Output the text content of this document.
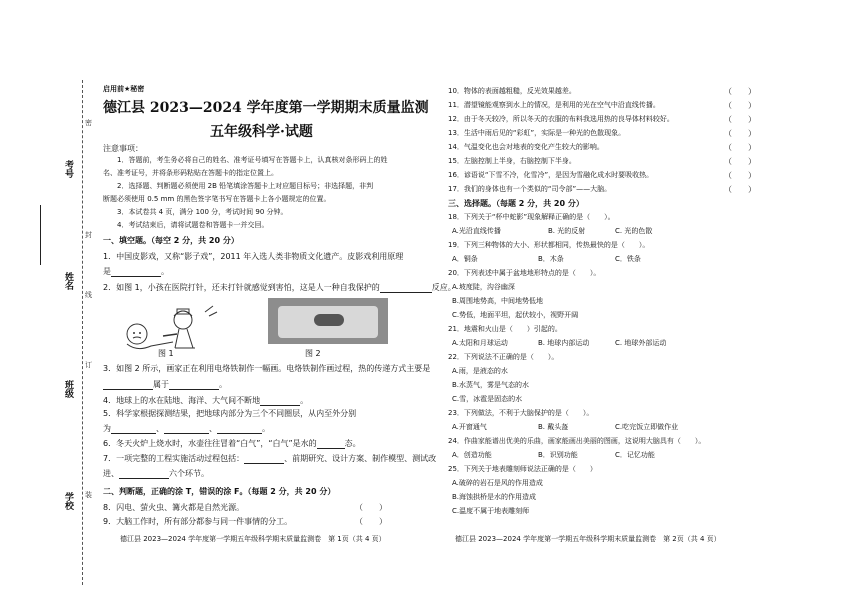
考号
姓名
班级
学校
密
封
线
订
装
启用前★秘密
德江县 2023—2024 学年度第一学期期末质量监测
五年级科学·试题
注意事项：
1．答题前，考生务必将自己的姓名、准考证号填写在答题卡上，认真核对条形码上的姓
名、准考证号，并将条形码粘贴在答题卡的指定位置上。
2．选择题、判断题必须使用 2B 铅笔填涂答题卡上对应题目标号；非选择题，非判
断题必须使用 0.5 mm 的黑色签字笔书写在答题卡上各小题规定的位置。
3．本试卷共 4 页，满分 100 分，考试时间 90 分钟。
4．考试结束后，请将试题卷和答题卡一并交回。
一、填空题。（每空 2 分，共 20 分）
1．中国皮影戏，又称“影子戏”，2011 年入选人类非物质文化遗产。皮影戏利用原理
是	。
2．如图 1，小孩在医院打针，还未打针就感觉到害怕，这是人一种自我保护的	反应。
图 1	图 2
3．如图 2 所示，画家正在利用电烙铁制作一幅画。电烙铁制作画过程，热的传递方式主要是
属于	。
4．地球上的水在陆地、海洋、大气间不断地	。
5．科学家根据探测结果，把地球内部分为三个不同圈层，从内至外分别
为	、	、	。
6．冬天火炉上烧水时，水壶往往冒着“白气”，“白气”是水的	态。
7．一项完整的工程实施活动过程包括：	、前期研究、设计方案、制作模型、测试改
进、	六个环节。
二、判断题，正确的涂 T，错误的涂 F。（每题 2 分，共 20 分）
8．闪电、萤火虫、篝火都是自然光源。	（　　）
9．大脑工作时，所有部分都参与同一件事情的分工。	（　　）
德江县 2023—2024 学年度第一学期五年级科学期末质量监测卷　第 1页（共 4 页）
10．物体的表面越粗糙，反光效果越差。	（　　）
11．潜望镜能观察到水上的情况，是利用的光在空气中沿直线传播。	（　　）
12．由于冬天较冷，所以冬天的衣服的布料我选用热的良导体材料较好。	（　　）
13．生活中雨后见的“彩虹”，实际是一种光的色散现象。	（　　）
14．气温变化也会对地表的变化产生较大的影响。	（　　）
15．左脑控制上半身，右脑控制下半身。	（　　）
16．谚语说“下雪不冷，化雪冷”，是因为雪融化成水时要吸收热。	（　　）
17．我们的身体也有一个类似的“司令部”——大脑。	（　　）
三、选择题。（每题 2 分，共 20 分）
18．下列关于“杯中蛇影”现象解释正确的是（　　）。
A.光沿直线传播	B. 光的反射	C. 光的色散
19．下列三种物体的大小、形状都相同，传热最快的是（　　）。
A．铜条	B．木条	C．铁条
20．下列表述中属于盆地地形特点的是（　　）。
A.坡度陡，沟谷幽深
B.周围地势高，中间地势低地
C.势低，地面平坦，起伏较小，视野开阔
21．地震和火山是（　　）引起的。
A.太阳和月球运动	B. 地球内部运动	C. 地球外部运动
22．下列说法不正确的是（　　）。
A.雨，是液态的水
B.水蒸气，雾是气态的水
C.雪，冰雹是固态的水
23．下列做法，不利于大脑保护的是（　　）。
A.开窗通气	B. 戴头盔	C.吃完饭立即做作业
24．作曲家能谱出优美的乐曲，画家能画出美丽的图画，这说明大脑具有（　　）。
A．创造功能	B．识别功能	C．记忆功能
25．下列关于地表雕刻师说法正确的是（　　）
A.破碎的岩石是风的作用造成
B.海蚀拱桥是水的作用造成
C.温度不属于地表雕刻师
德江县 2023—2024 学年度第一学期五年级科学期末质量监测卷　第 2页（共 4 页）
